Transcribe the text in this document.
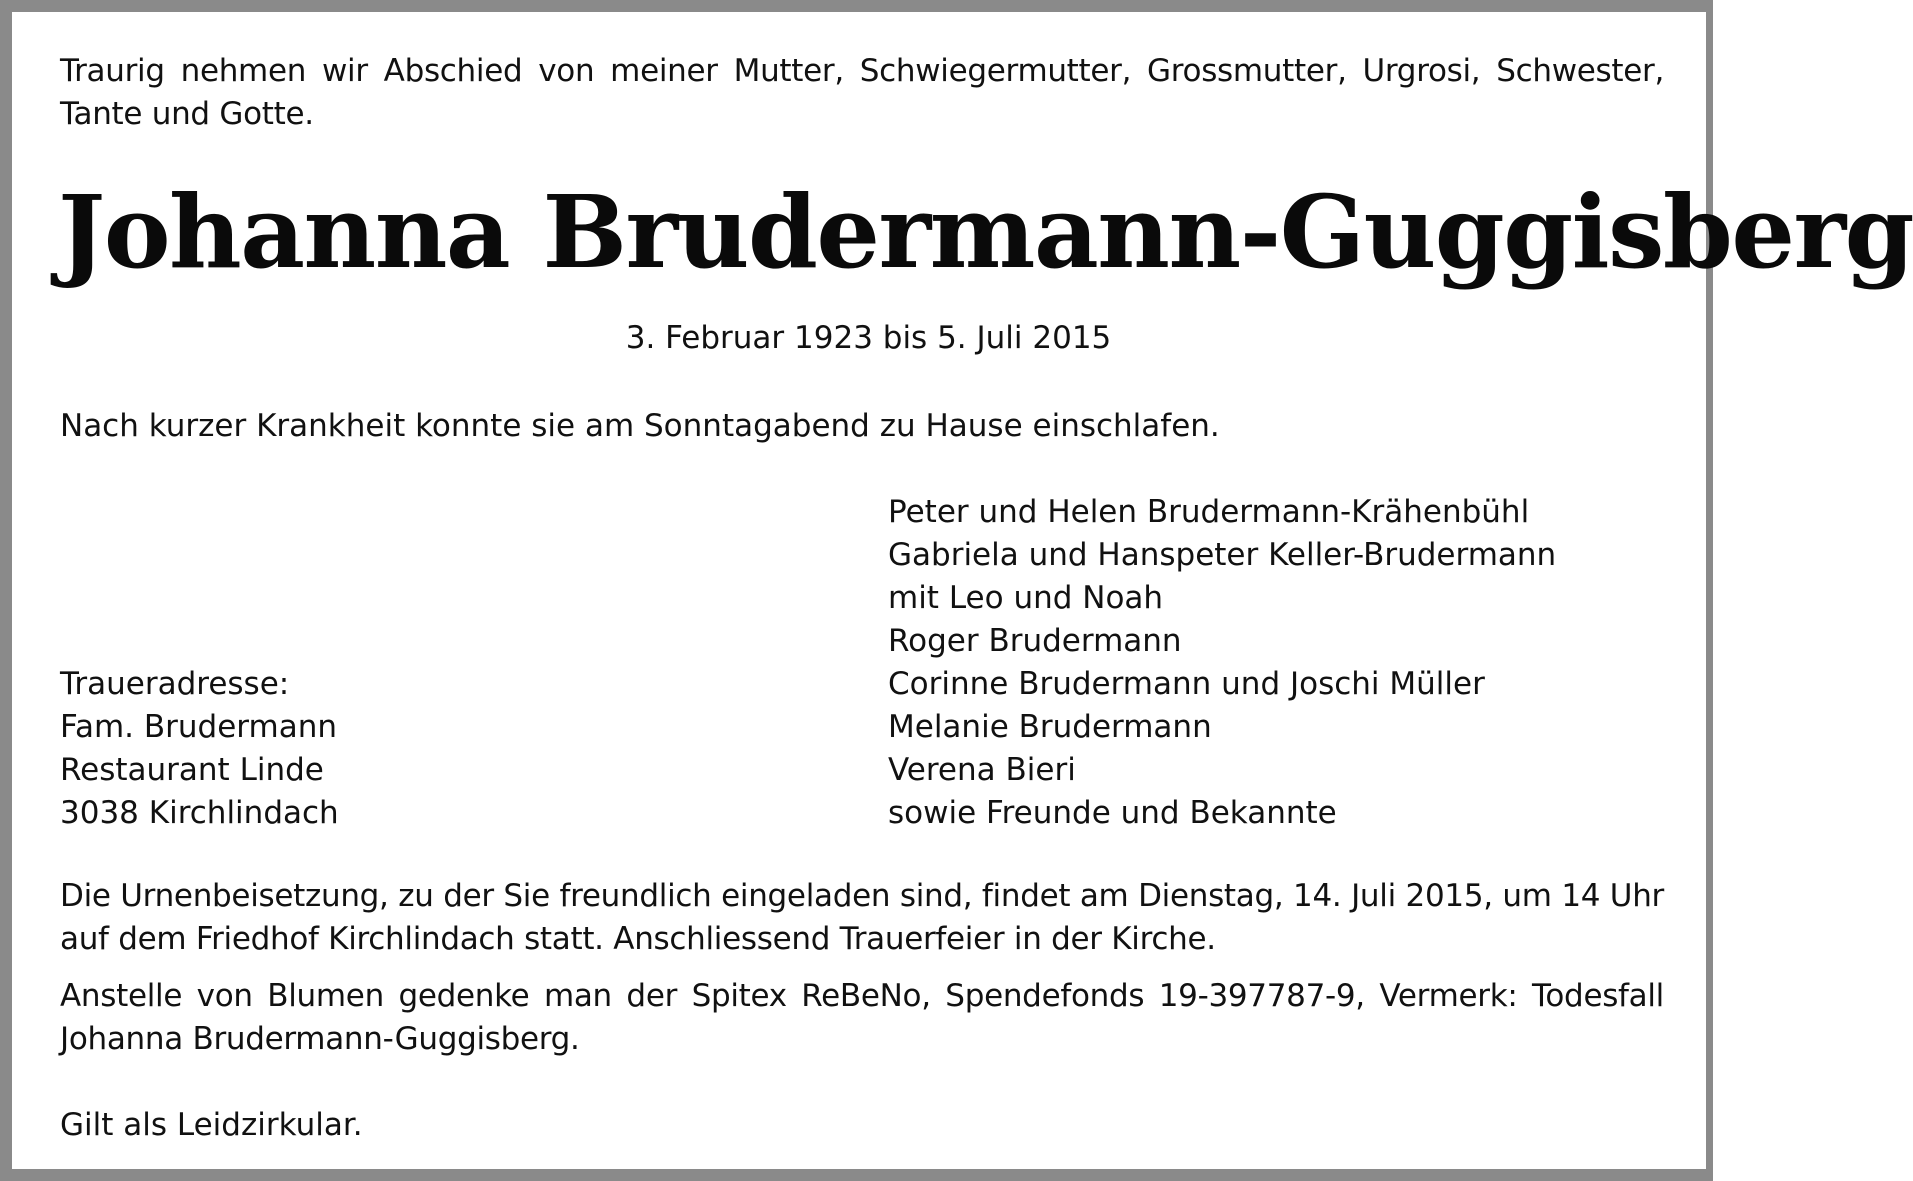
Traurig nehmen wir Abschied von meiner Mutter, Schwiegermutter, Grossmutter, Urgrosi, Schwester, Tante und Gotte.

Johanna Brudermann-Guggisberg

3. Februar 1923 bis 5. Juli 2015

Nach kurzer Krankheit konnte sie am Sonntagabend zu Hause einschlafen.

Peter und Helen Brudermann-Krähenbühl
Gabriela und Hanspeter Keller-Brudermann
mit Leo und Noah
Roger Brudermann
Corinne Brudermann und Joschi Müller
Melanie Brudermann
Verena Bieri
sowie Freunde und Bekannte
Traueradresse:
Fam. Brudermann
Restaurant Linde
3038 Kirchlindach

Die Urnenbeisetzung, zu der Sie freundlich eingeladen sind, findet am Dienstag, 14. Juli 2015, um 14 Uhr auf dem Friedhof Kirchlindach statt. Anschliessend Trauerfeier in der Kirche.

Anstelle von Blumen gedenke man der Spitex ReBeNo, Spendefonds 19-397787-9, Vermerk: Todesfall Johanna Brudermann-Guggisberg.

Gilt als Leidzirkular.
